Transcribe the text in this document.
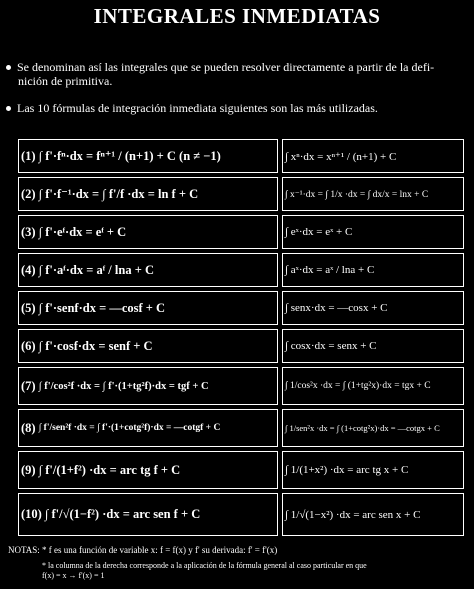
INTEGRALES INMEDIATAS
Se denominan así las integrales que se pueden resolver directamente a partir de la defi-
nición de primitiva.
Las 10 fórmulas de integración inmediata siguientes son las más utilizadas.
(1)
∫ f'·fⁿ·dx = fⁿ⁺¹ / (n+1) + C (n ≠ −1)	∫ xⁿ·dx = xⁿ⁺¹ / (n+1) + C
(2)
∫ f'·f⁻¹·dx = ∫ f'/f ·dx = ln f + C	∫ x⁻¹·dx = ∫ 1/x ·dx = ∫ dx/x = lnx + C
(3)
∫ f'·eᶠ·dx = eᶠ + C	∫ eˣ·dx = eˣ + C
(4)
∫ f'·aᶠ·dx = aᶠ / lna + C	∫ aˣ·dx = aˣ / lna + C
(5)
∫ f'·senf·dx = —cosf + C	∫ senx·dx = —cosx + C
(6)
∫ f'·cosf·dx = senf + C	∫ cosx·dx = senx + C
(7)
∫ f'/cos²f ·dx = ∫ f'·(1+tg²f)·dx = tgf + C	∫ 1/cos²x ·dx = ∫ (1+tg²x)·dx = tgx + C
(8)
∫ f'/sen²f ·dx = ∫ f'·(1+cotg²f)·dx = —cotgf + C	∫ 1/sen²x ·dx = ∫ (1+cotg²x)·dx = —cotgx + C
(9)
∫ f'/(1+f²) ·dx = arc tg f + C	∫ 1/(1+x²) ·dx = arc tg x + C
(10)
∫ f'/√(1−f²) ·dx = arc sen f + C	∫ 1/√(1−x²) ·dx = arc sen x + C
NOTAS: * f es una función de variable x: f = f(x) y f' su derivada: f' = f'(x)
* la columna de la derecha corresponde a la aplicación de la fórmula general al caso particular en que
f(x) = x → f'(x) = 1
